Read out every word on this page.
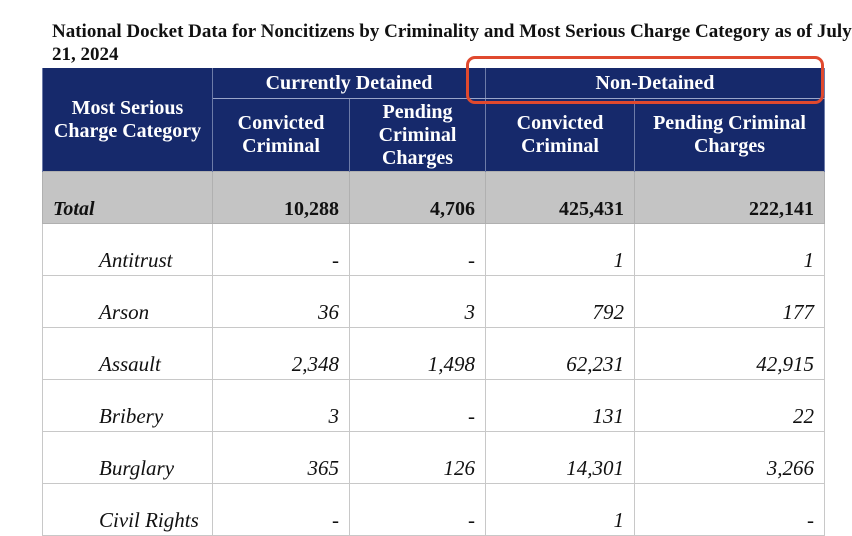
National Docket Data for Noncitizens by Criminality and Most Serious Charge Category as of July 21, 2024
Most Serious Charge Category	Currently Detained		Non-Detained	
	Convicted Criminal	Pending Criminal Charges	Convicted Criminal	Pending Criminal Charges
Total	10,288	4,706	425,431	222,141
Antitrust	-	-	1	1
Arson	36	3	792	177
Assault	2,348	1,498	62,231	42,915
Bribery	3	-	131	22
Burglary	365	126	14,301	3,266
Civil Rights	-	-	1	-
